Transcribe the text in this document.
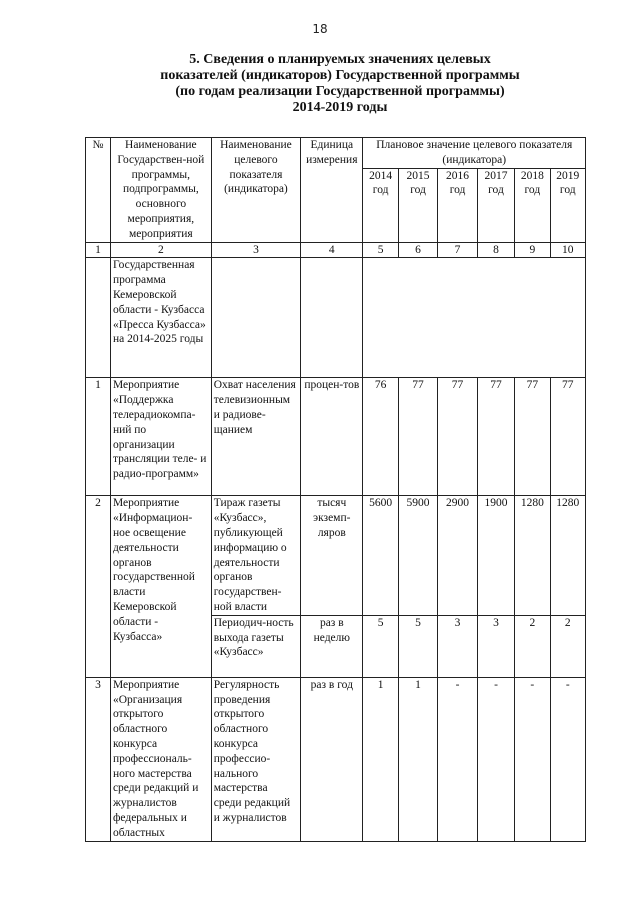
18
5. Сведения о планируемых значениях целевых
показателей (индикаторов) Государственной программы
(по годам реализации Государственной программы)
2014-2019 годы
№	Наименование Государствен-ной программы, подпрограммы, основного мероприятия, мероприятия	Наименование целевого показателя (индикатора)	Единица измерения	Плановое значение целевого показателя (индикатора)					
				2014 год	2015 год	2016 год	2017 год	2018 год	2019 год
1	2	3	4	5	6	7	8	9	10
	Государственная программа Кемеровской области - Кузбасса «Пресса Кузбасса» на 2014-2025 годы								
1	Мероприятие «Поддержка телерадиокомпа-ний по организации трансляции теле- и радио-программ»	Охват населения телевизионным и радиове-щанием	процен-тов	76	77	77	77	77	77
2	Мероприятие «Информацион-ное освещение деятельности органов государственной власти Кемеровской области - Кузбасса»	Тираж газеты «Кузбасс», публикующей информацию о деятельности органов государствен-ной власти	тысяч экземп-ляров	5600	5900	2900	1900	1280	1280
		Периодич-ность выхода газеты «Кузбасс»	раз в неделю	5	5	3	3	2	2
3	Мероприятие «Организация открытого областного конкурса профессиональ-ного мастерства среди редакций и журналистов федеральных и областных	Регулярность проведения открытого областного конкурса профессио-нального мастерства среди редакций и журналистов	раз в год	1	1	-	-	-	-
